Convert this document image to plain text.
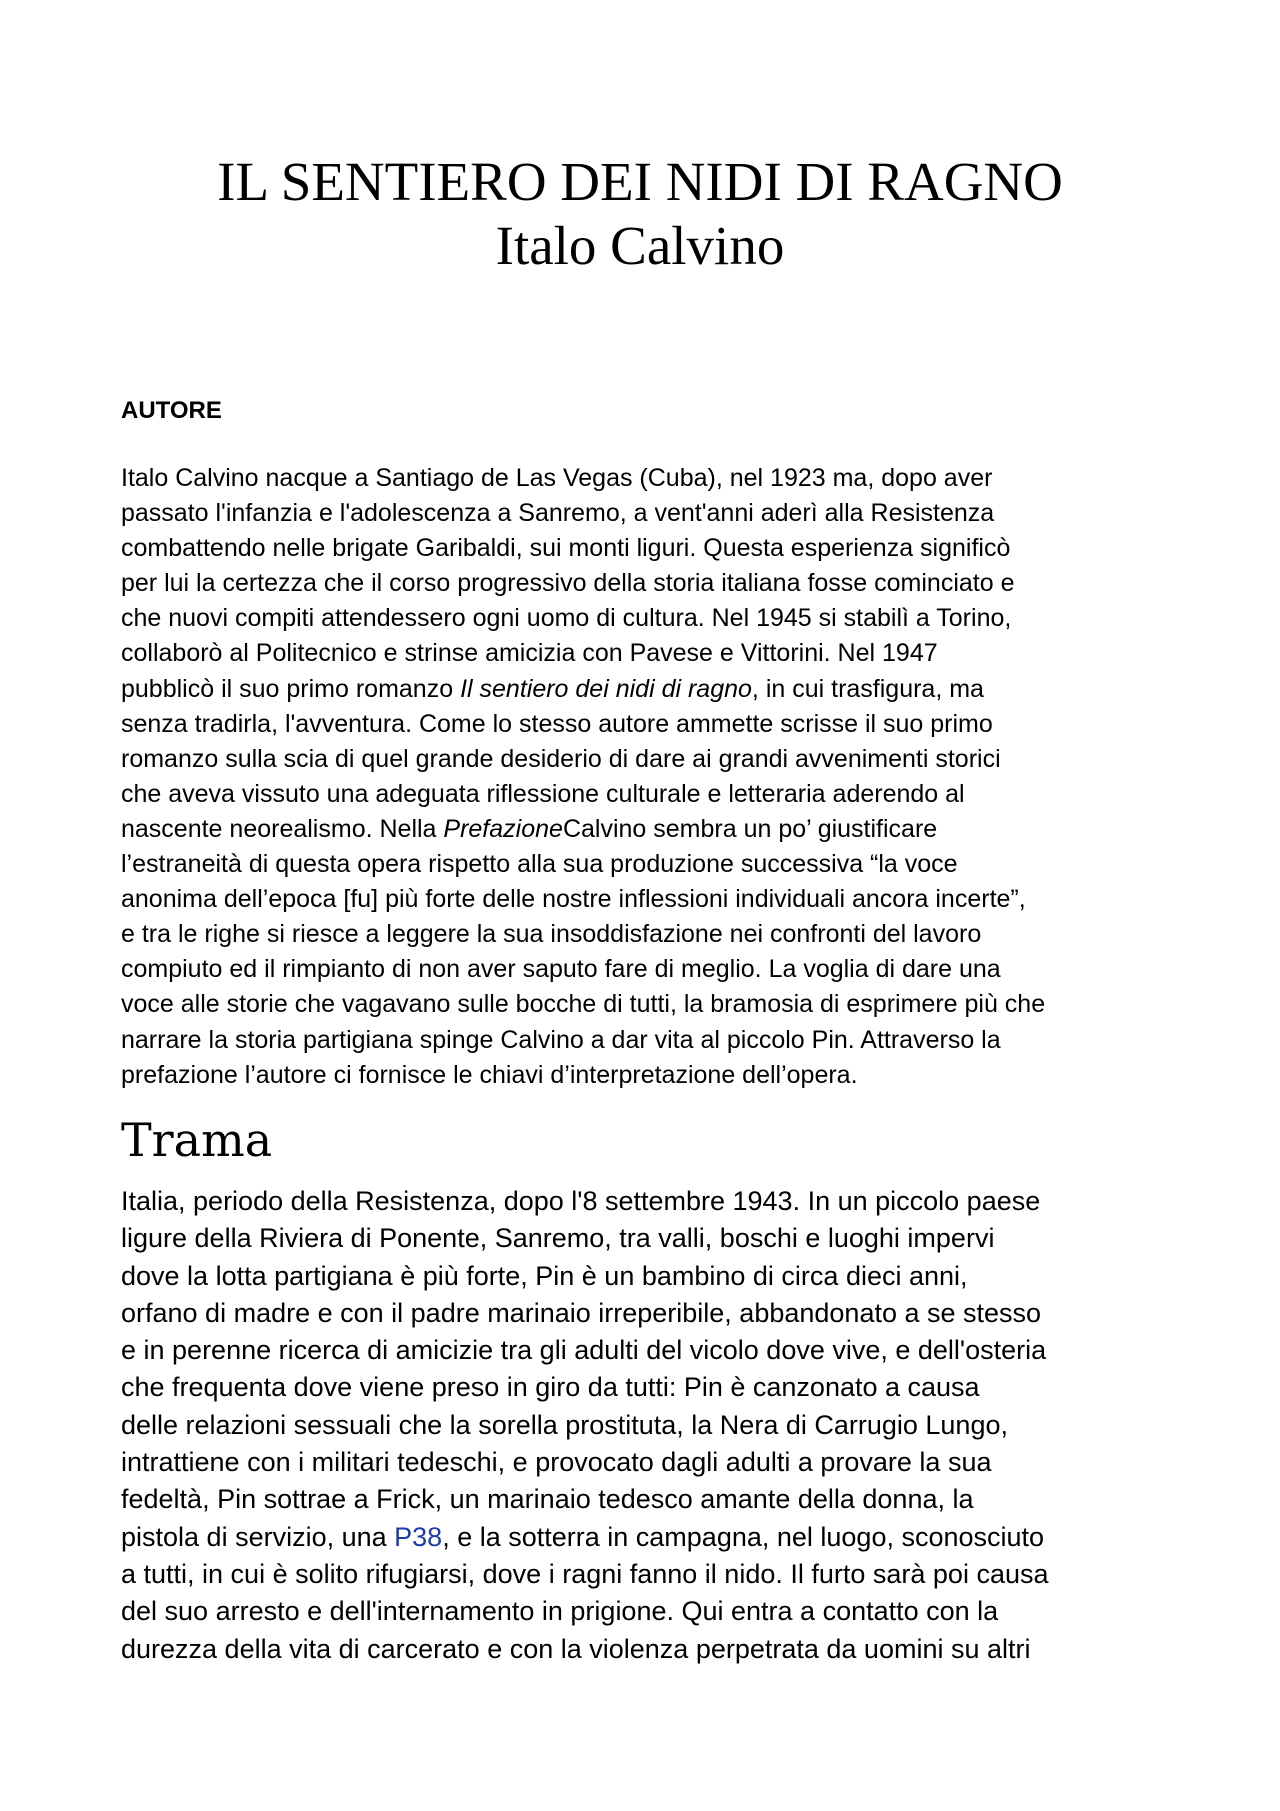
IL SENTIERO DEI NIDI DI RAGNO
Italo Calvino
AUTORE
Italo Calvino nacque a Santiago de Las Vegas (Cuba), nel 1923 ma, dopo aver
passato l'infanzia e l'adolescenza a Sanremo, a vent'anni aderì alla Resistenza
combattendo nelle brigate Garibaldi, sui monti liguri. Questa esperienza significò
per lui la certezza che il corso progressivo della storia italiana fosse cominciato e
che nuovi compiti attendessero ogni uomo di cultura. Nel 1945 si stabilì a Torino,
collaborò al Politecnico e strinse amicizia con Pavese e Vittorini. Nel 1947
pubblicò il suo primo romanzo Il sentiero dei nidi di ragno, in cui trasfigura, ma
senza tradirla, l'avventura. Come lo stesso autore ammette scrisse il suo primo
romanzo sulla scia di quel grande desiderio di dare ai grandi avvenimenti storici
che aveva vissuto una adeguata riflessione culturale e letteraria aderendo al
nascente neorealismo. Nella PrefazioneCalvino sembra un po’ giustificare
l’estraneità di questa opera rispetto alla sua produzione successiva “la voce
anonima dell’epoca [fu] più forte delle nostre inflessioni individuali ancora incerte”,
e tra le righe si riesce a leggere la sua insoddisfazione nei confronti del lavoro
compiuto ed il rimpianto di non aver saputo fare di meglio. La voglia di dare una
voce alle storie che vagavano sulle bocche di tutti, la bramosia di esprimere più che
narrare la storia partigiana spinge Calvino a dar vita al piccolo Pin. Attraverso la
prefazione l’autore ci fornisce le chiavi d’interpretazione dell’opera.
Trama
Italia, periodo della Resistenza, dopo l'8 settembre 1943. In un piccolo paese
ligure della Riviera di Ponente, Sanremo, tra valli, boschi e luoghi impervi
dove la lotta partigiana è più forte, Pin è un bambino di circa dieci anni,
orfano di madre e con il padre marinaio irreperibile, abbandonato a se stesso
e in perenne ricerca di amicizie tra gli adulti del vicolo dove vive, e dell'osteria
che frequenta dove viene preso in giro da tutti: Pin è canzonato a causa
delle relazioni sessuali che la sorella prostituta, la Nera di Carrugio Lungo,
intrattiene con i militari tedeschi, e provocato dagli adulti a provare la sua
fedeltà, Pin sottrae a Frick, un marinaio tedesco amante della donna, la
pistola di servizio, una P38, e la sotterra in campagna, nel luogo, sconosciuto
a tutti, in cui è solito rifugiarsi, dove i ragni fanno il nido. Il furto sarà poi causa
del suo arresto e dell'internamento in prigione. Qui entra a contatto con la
durezza della vita di carcerato e con la violenza perpetrata da uomini su altri
